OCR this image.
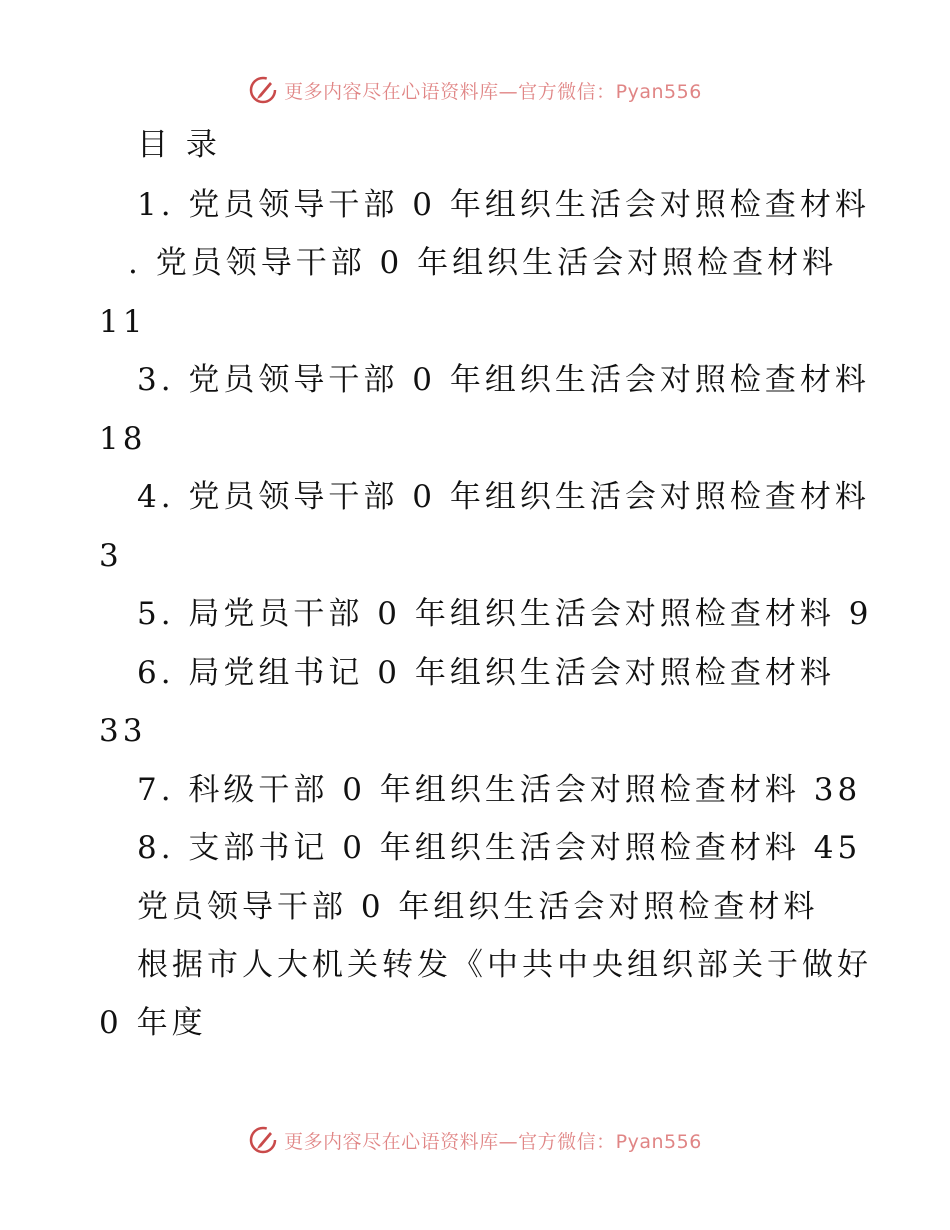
更多内容尽在心语资料库—官方微信：Pyan556
目 录
1. 党员领导干部 0 年组织生活会对照检查材料
. 党员领导干部 0 年组织生活会对照检查材料
11
3. 党员领导干部 0 年组织生活会对照检查材料
18
4. 党员领导干部 0 年组织生活会对照检查材料
3
5. 局党员干部 0 年组织生活会对照检查材料 9
6. 局党组书记 0 年组织生活会对照检查材料
33
7. 科级干部 0 年组织生活会对照检查材料 38
8. 支部书记 0 年组织生活会对照检查材料 45
党员领导干部 0 年组织生活会对照检查材料
根据市人大机关转发《中共中央组织部关于做好
0 年度
更多内容尽在心语资料库—官方微信：Pyan556
